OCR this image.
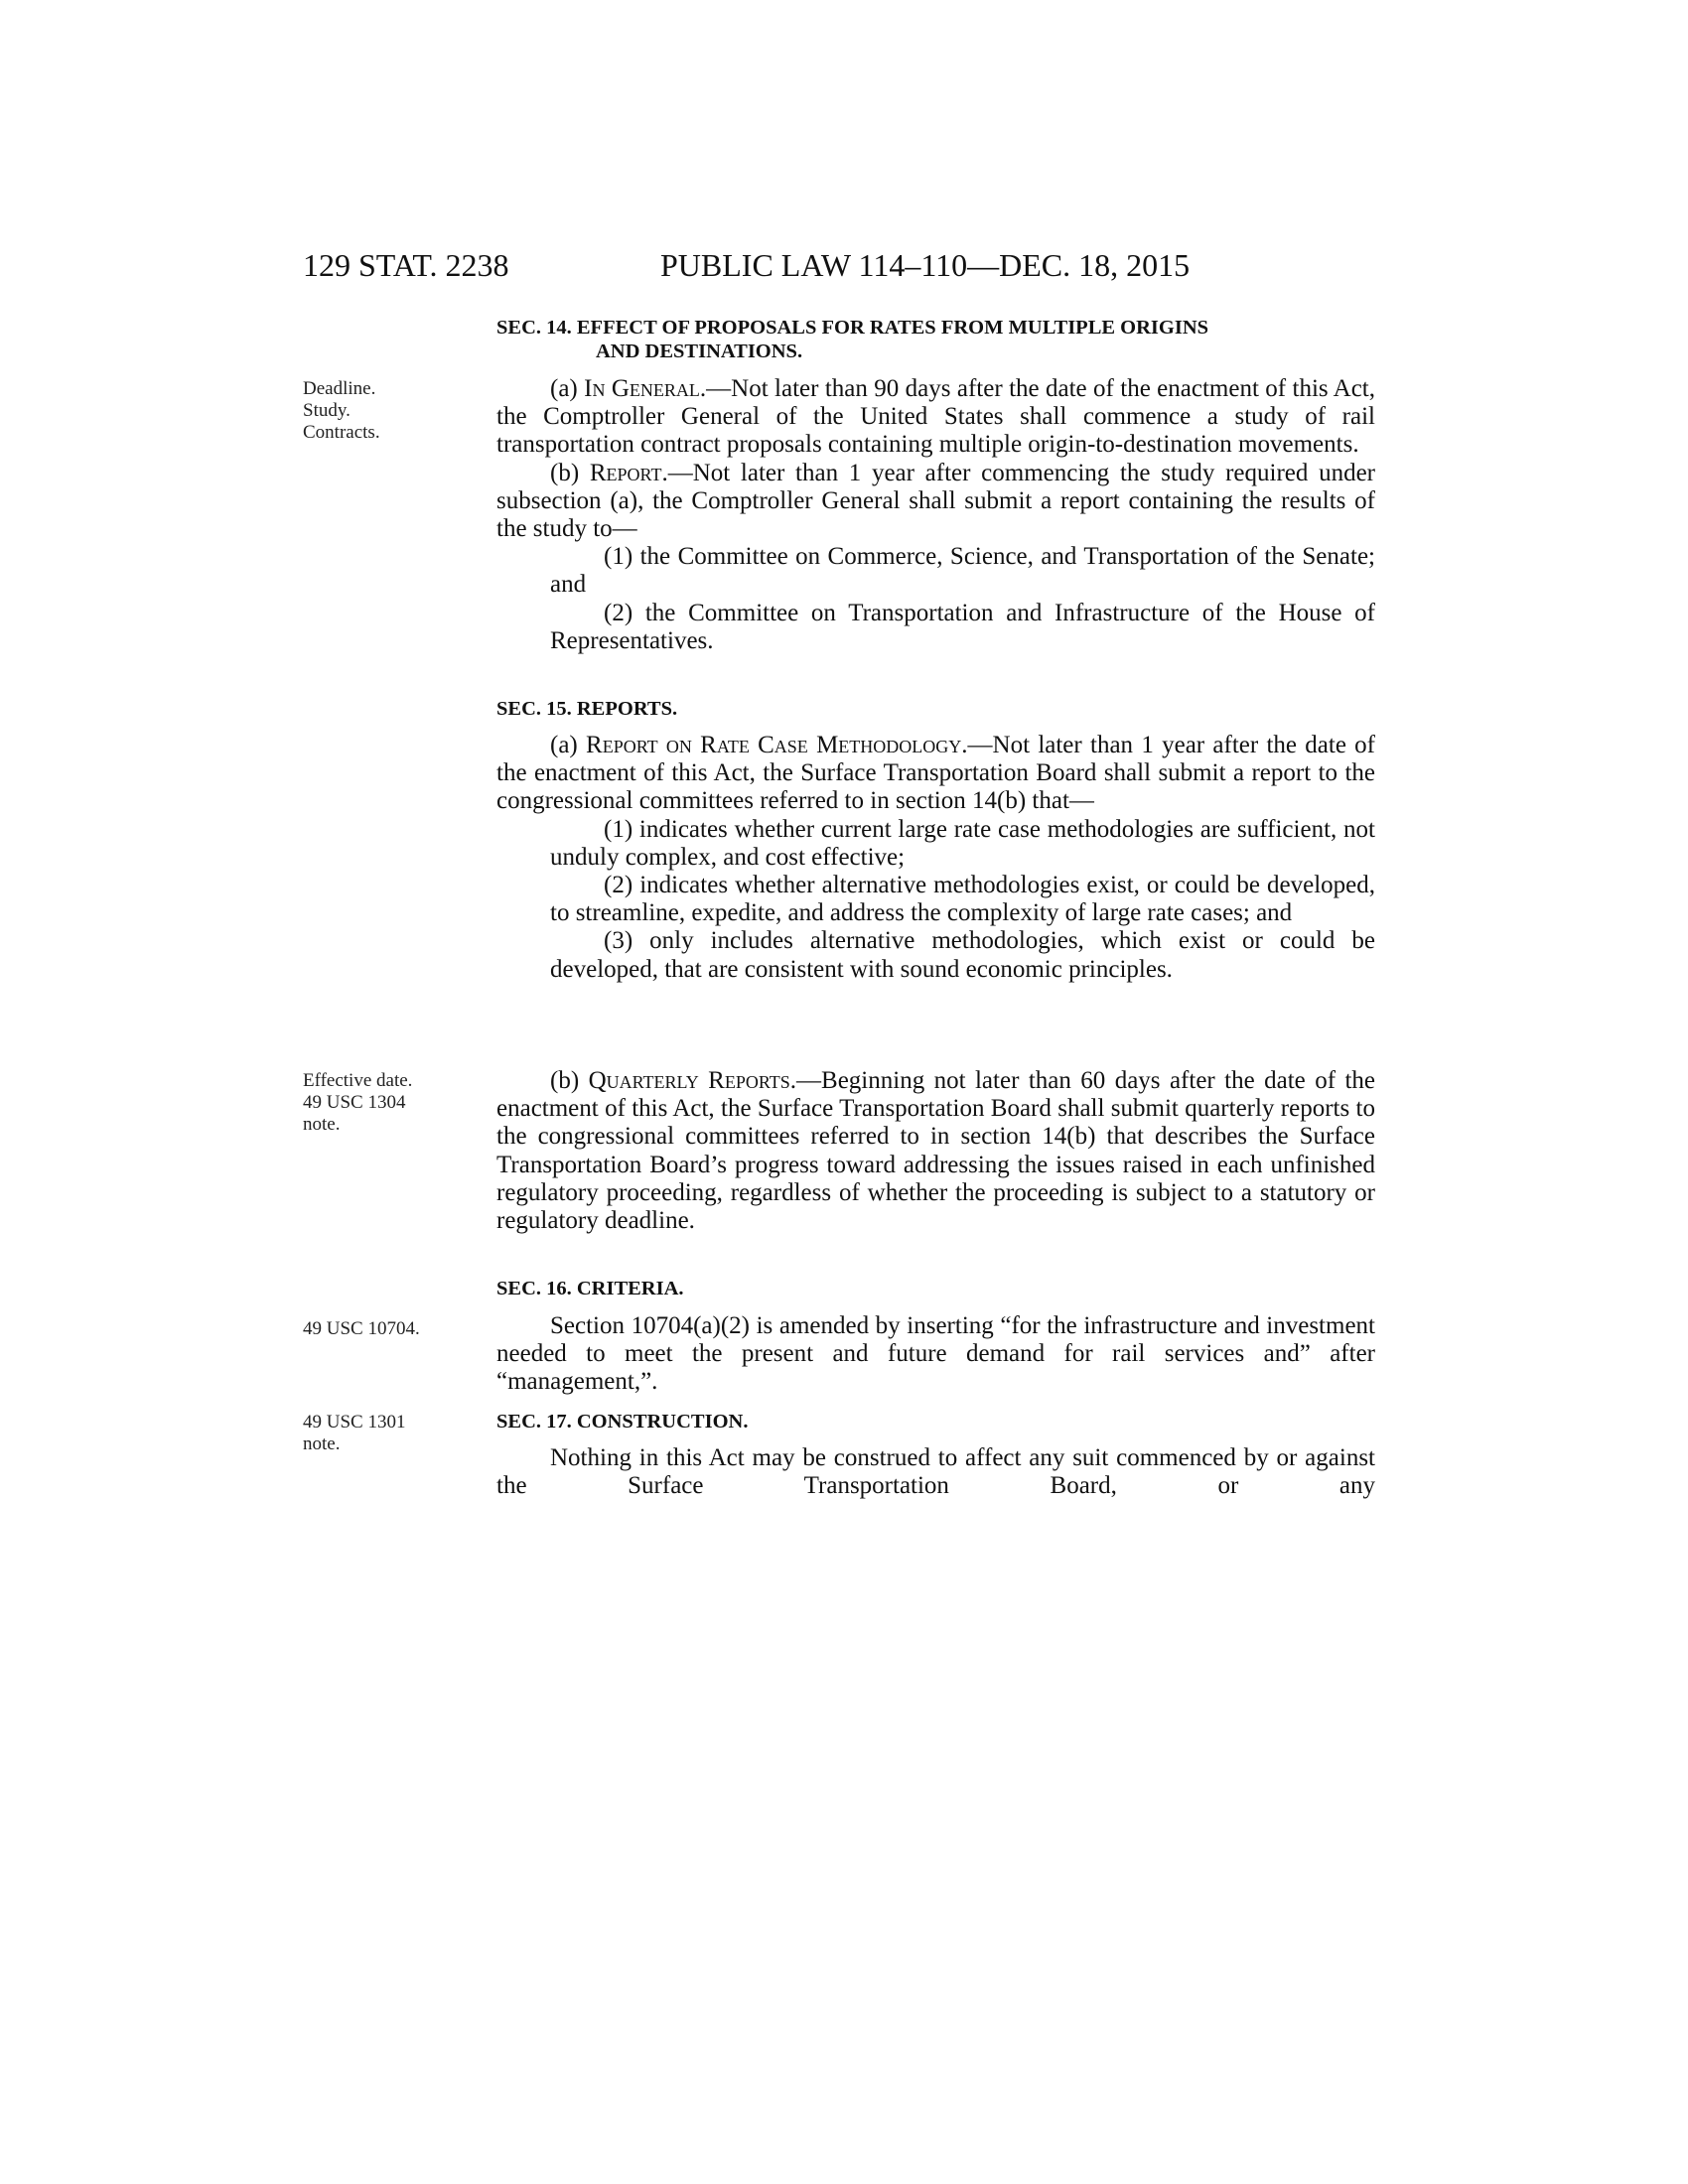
129 STAT. 2238	PUBLIC LAW 114–110—DEC. 18, 2015
SEC. 14. EFFECT OF PROPOSALS FOR RATES FROM MULTIPLE ORIGINS
AND DESTINATIONS.
Deadline.
Study.
Contracts.

(a) In General.—Not later than 90 days after the date of the enactment of this Act, the Comptroller General of the United States shall commence a study of rail transportation contract proposals containing multiple origin-to-destination movements.

(b) Report.—Not later than 1 year after commencing the study required under subsection (a), the Comptroller General shall submit a report containing the results of the study to—

(1) the Committee on Commerce, Science, and Transportation of the Senate; and

(2) the Committee on Transportation and Infrastructure of the House of Representatives.

SEC. 15. REPORTS.

(a) Report on Rate Case Methodology.—Not later than 1 year after the date of the enactment of this Act, the Surface Transportation Board shall submit a report to the congressional committees referred to in section 14(b) that—

(1) indicates whether current large rate case methodologies are sufficient, not unduly complex, and cost effective;

(2) indicates whether alternative methodologies exist, or could be developed, to streamline, expedite, and address the complexity of large rate cases; and

(3) only includes alternative methodologies, which exist or could be developed, that are consistent with sound economic principles.

Effective date.
49 USC 1304
note.

(b) Quarterly Reports.—Beginning not later than 60 days after the date of the enactment of this Act, the Surface Transportation Board shall submit quarterly reports to the congressional committees referred to in section 14(b) that describes the Surface Transportation Board’s progress toward addressing the issues raised in each unfinished regulatory proceeding, regardless of whether the proceeding is subject to a statutory or regulatory deadline.

SEC. 16. CRITERIA.
49 USC 10704.	Section 10704(a)(2) is amended by inserting “for the infrastructure and investment needed to meet the present and future demand for rail services and” after “management,”.

49 USC 1301
note.
SEC. 17. CONSTRUCTION.

Nothing in this Act may be construed to affect any suit commenced by or against the Surface Transportation Board, or any
